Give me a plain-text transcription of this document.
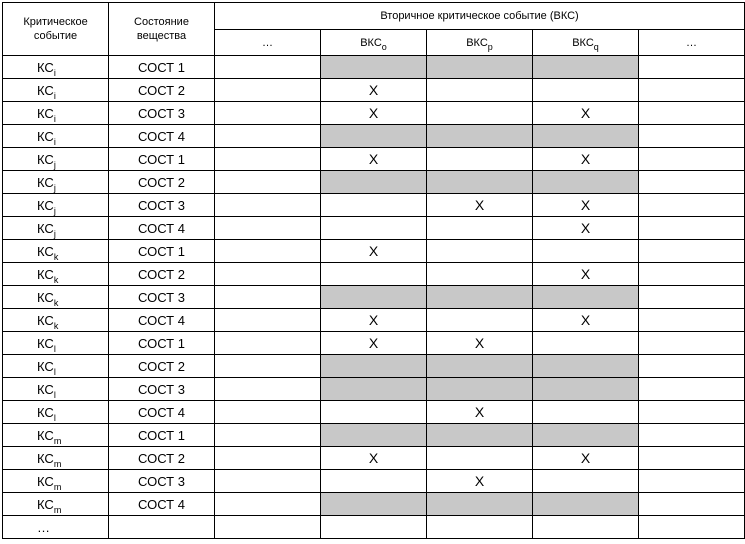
Критическое событие	Состояние вещества	Вторичное критическое событие (ВКС)				
		…	$ВКС_o$	$ВКС_p$	$ВКС_q$	…
$КС_i$	СОСТ 1					
$КС_i$	СОСТ 2		X			
$КС_i$	СОСТ 3		X		X	
$КС_i$	СОСТ 4					
$КС_j$	СОСТ 1		X		X	
$КС_j$	СОСТ 2					
$КС_j$	СОСТ 3			X	X	
$КС_j$	СОСТ 4				X	
$КС_k$	СОСТ 1		X			
$КС_k$	СОСТ 2				X	
$КС_k$	СОСТ 3					
$КС_k$	СОСТ 4		X		X	
$КС_l$	СОСТ 1		X	X		
$КС_l$	СОСТ 2					
$КС_l$	СОСТ 3					
$КС_l$	СОСТ 4			X		
$КС_m$	СОСТ 1					
$КС_m$	СОСТ 2		X		X	
$КС_m$	СОСТ 3			X		
$КС_m$	СОСТ 4					
…						
